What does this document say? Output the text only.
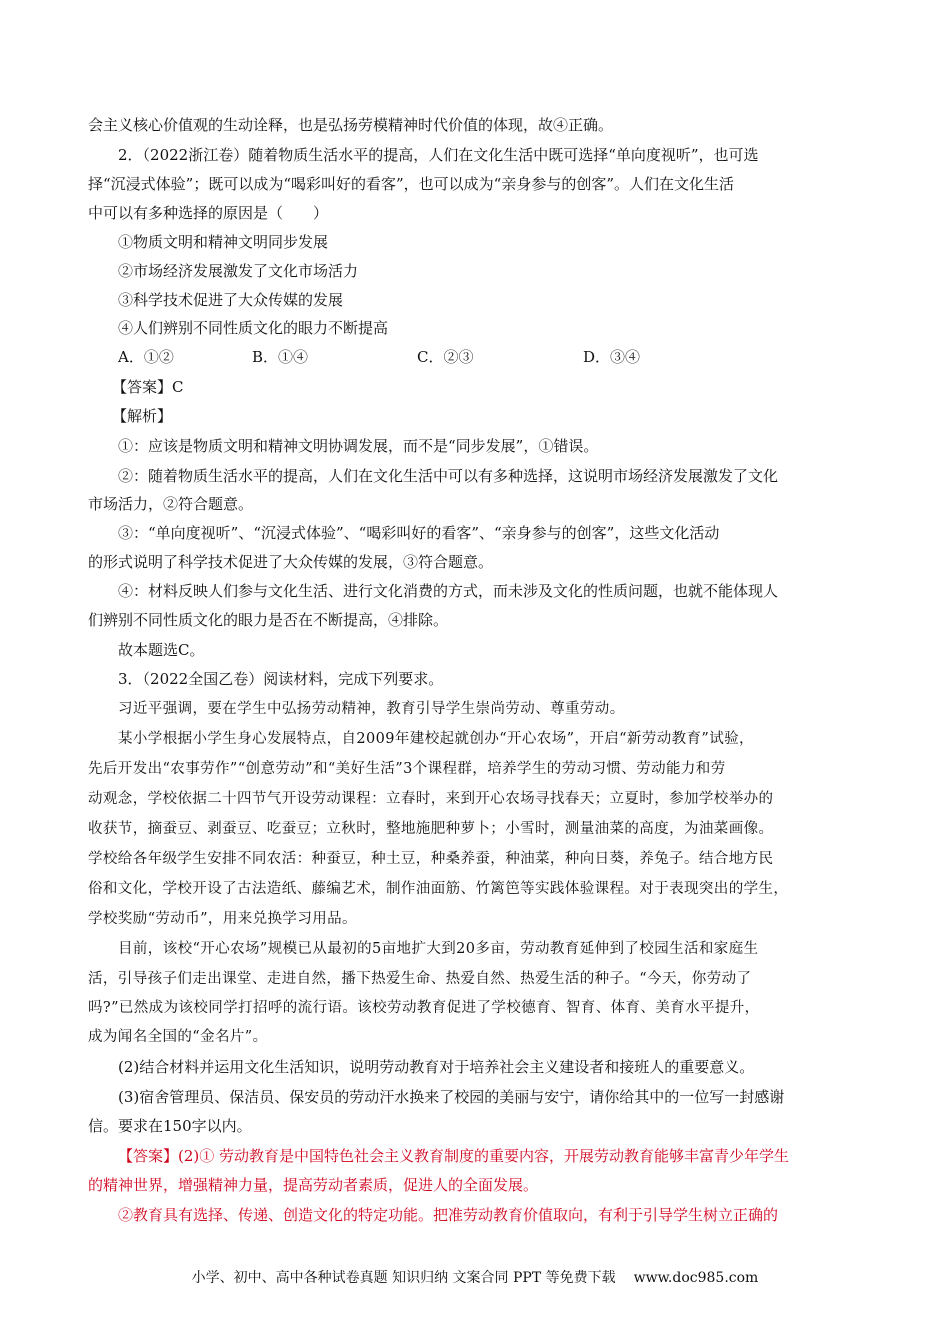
会主义核心价值观的生动诠释，也是弘扬劳模精神时代价值的体现，故④正确。
2．（2022浙江卷）随着物质生活水平的提高，人们在文化生活中既可选择“单向度视听”，也可选
择“沉浸式体验”；既可以成为“喝彩叫好的看客”，也可以成为“亲身参与的创客”。人们在文化生活
中可以有多种选择的原因是（　　）
①物质文明和精神文明同步发展
②市场经济发展激发了文化市场活力
③科学技术促进了大众传媒的发展
④人们辨别不同性质文化的眼力不断提高
A．①②	B．①④	C．②③	D．③④
【答案】C
【解析】
①：应该是物质文明和精神文明协调发展，而不是“同步发展”，①错误。
②：随着物质生活水平的提高，人们在文化生活中可以有多种选择，这说明市场经济发展激发了文化
市场活力，②符合题意。
③：“单向度视听”、“沉浸式体验”、“喝彩叫好的看客”、“亲身参与的创客”，这些文化活动
的形式说明了科学技术促进了大众传媒的发展，③符合题意。
④：材料反映人们参与文化生活、进行文化消费的方式，而未涉及文化的性质问题，也就不能体现人
们辨别不同性质文化的眼力是否在不断提高，④排除。
故本题选C。
3．（2022全国乙卷）阅读材料，完成下列要求。
习近平强调，要在学生中弘扬劳动精神，教育引导学生崇尚劳动、尊重劳动。
某小学根据小学生身心发展特点，自2009年建校起就创办“开心农场”，开启“新劳动教育”试验，
先后开发出“农事劳作”“创意劳动”和“美好生活”3个课程群，培养学生的劳动习惯、劳动能力和劳
动观念，学校依据二十四节气开设劳动课程：立春时，来到开心农场寻找春天；立夏时，参加学校举办的
收获节，摘蚕豆、剥蚕豆、吃蚕豆；立秋时，整地施肥种萝卜；小雪时，测量油菜的高度，为油菜画像。
学校给各年级学生安排不同农活：种蚕豆，种土豆，种桑养蚕，种油菜，种向日葵，养兔子。结合地方民
俗和文化，学校开设了古法造纸、藤编艺术，制作油面筋、竹篱笆等实践体验课程。对于表现突出的学生，
学校奖励“劳动币”，用来兑换学习用品。
目前，该校“开心农场”规模已从最初的5亩地扩大到20多亩，劳动教育延伸到了校园生活和家庭生
活，引导孩子们走出课堂、走进自然，播下热爱生命、热爱自然、热爱生活的种子。“今天，你劳动了
吗?”已然成为该校同学打招呼的流行语。该校劳动教育促进了学校德育、智育、体育、美育水平提升，
成为闻名全国的“金名片”。
(2)结合材料并运用文化生活知识，说明劳动教育对于培养社会主义建设者和接班人的重要意义。
(3)宿舍管理员、保洁员、保安员的劳动汗水换来了校园的美丽与安宁，请你给其中的一位写一封感谢
信。要求在150字以内。
【答案】(2)① 劳动教育是中国特色社会主义教育制度的重要内容，开展劳动教育能够丰富青少年学生
的精神世界，增强精神力量，提高劳动者素质，促进人的全面发展。
②教育具有选择、传递、创造文化的特定功能。把准劳动教育价值取向，有利于引导学生树立正确的
小学、初中、高中各种试卷真题 知识归纳 文案合同 PPT 等免费下载 www.doc985.com
